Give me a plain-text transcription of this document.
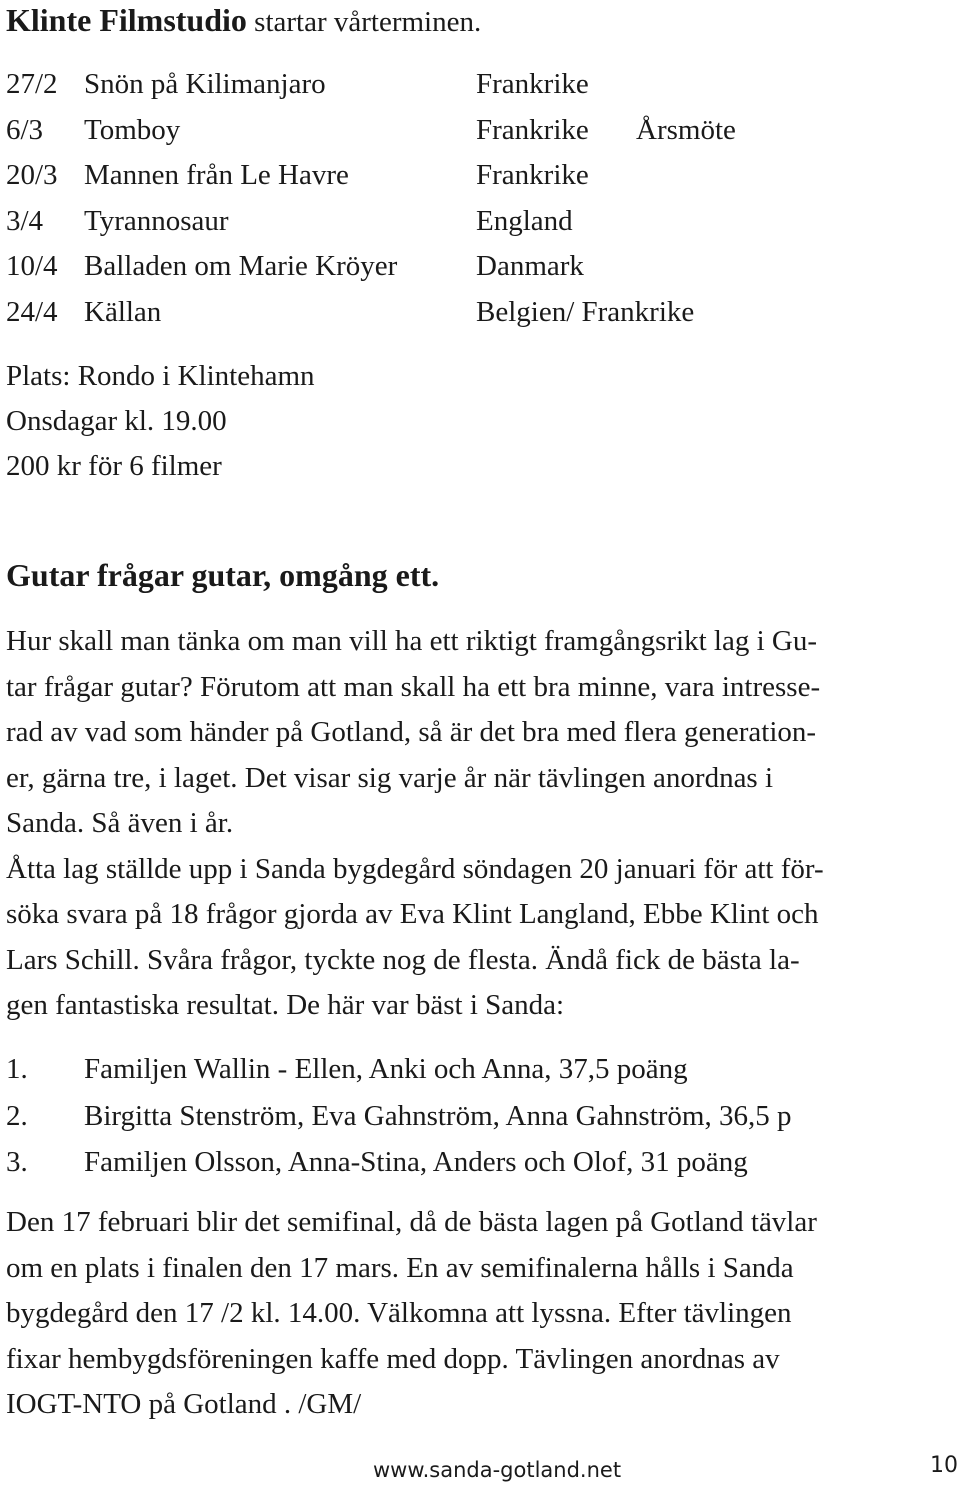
Klinte Filmstudio startar vårterminen.
27/2 Snön på Kilimanjaro	Frankrike
6/3 Tomboy	Frankrike Årsmöte
20/3 Mannen från Le Havre	Frankrike
3/4 Tyrannosaur	England
10/4 Balladen om Marie Kröyer	Danmark
24/4 Källan	Belgien/ Frankrike
Plats: Rondo i Klintehamn
Onsdagar kl. 19.00
200 kr för 6 filmer
Gutar frågar gutar, omgång ett.
Hur skall man tänka om man vill ha ett riktigt framgångsrikt lag i Gu-
tar frågar gutar? Förutom att man skall ha ett bra minne, vara intresse-
rad av vad som händer på Gotland, så är det bra med flera generation-
er, gärna tre, i laget. Det visar sig varje år när tävlingen anordnas i
Sanda. Så även i år.
Åtta lag ställde upp i Sanda bygdegård söndagen 20 januari för att för-
söka svara på 18 frågor gjorda av Eva Klint Langland, Ebbe Klint och
Lars Schill. Svåra frågor, tyckte nog de flesta. Ändå fick de bästa la-
gen fantastiska resultat. De här var bäst i Sanda:
1. Familjen Wallin - Ellen, Anki och Anna, 37,5 poäng
2. Birgitta Stenström, Eva Gahnström, Anna Gahnström, 36,5 p
3. Familjen Olsson, Anna-Stina, Anders och Olof, 31 poäng
Den 17 februari blir det semifinal, då de bästa lagen på Gotland tävlar
om en plats i finalen den 17 mars. En av semifinalerna hålls i Sanda
bygdegård den 17 /2 kl. 14.00. Välkomna att lyssna. Efter tävlingen
fixar hembygdsföreningen kaffe med dopp. Tävlingen anordnas av
IOGT-NTO på Gotland . /GM/
www.sanda-gotland.net	10
